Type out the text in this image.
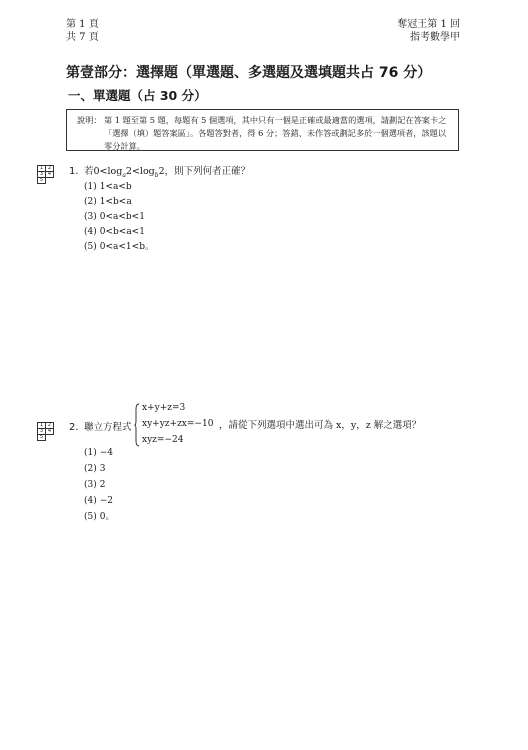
第 1 頁
共 7 頁
奪冠王第 1 回
指考數學甲
第壹部分：選擇題（單選題、多選題及選填題共占 76 分）
一、單選題（占 30 分）
說明： 第 1 題至第 5 題，每題有 5 個選項，其中只有一個是正確或最適當的選項，請劃記在答案卡之「選擇（填）題答案區」。各題答對者，得 6 分；答錯、未作答或劃記多於一個選項者，該題以零分計算。
1	2
3	4
5	
1. 若$0<\log_a2<\log_b2$，則下列何者正確？
(1) 1<a<b
(2) 1<b<a
(3) 0<a<b<1
(4) 0<b<a<1
(5) 0<a<1<b。
1	2
3	4
5	
2. 聯立方程式
x+y+z=3
xy+yz+zx=−10
xyz=−24
，請從下列選項中選出可為 x，y，z 解之選項？
(1) −4
(2) 3
(3) 2
(4) −2
(5) 0。
